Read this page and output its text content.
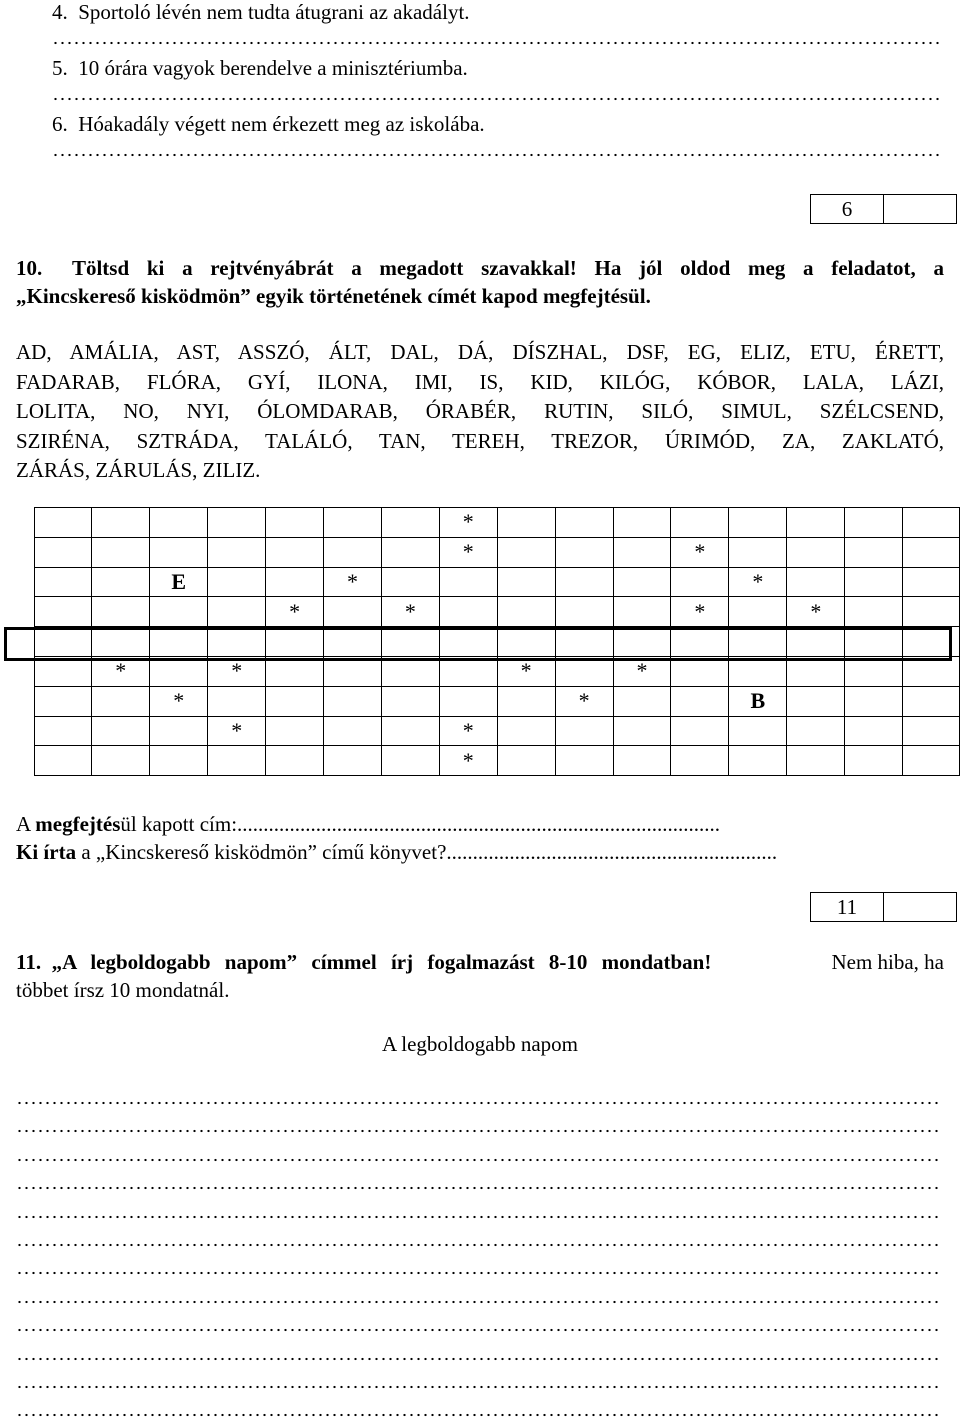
4. Sportoló lévén nem tudta átugrani az akadályt.
5. 10 órára vagyok berendelve a minisztériumba.
6. Hóakadály végett nem érkezett meg az iskolába.
6
10. Töltsd ki a rejtvényábrát a megadott szavakkal! Ha jól oldod meg a feladatot, a
„Kincskereső kisködmön” egyik történetének címét kapod megfejtésül.
AD, AMÁLIA, AST, ASSZÓ, ÁLT, DAL, DÁ, DÍSZHAL, DSF, EG, ELIZ, ETU, ÉRETT,
FADARAB, FLÓRA, GYÍ, ILONA, IMI, IS, KID, KILÓG, KÓBOR, LALA, LÁZI,
LOLITA, NO, NYI, ÓLOMDARAB, ÓRABÉR, RUTIN, SILÓ, SIMUL, SZÉLCSEND,
SZIRÉNA, SZTRÁDA, TALÁLÓ, TAN, TEREH, TREZOR, ÚRIMÓD, ZA, ZAKLATÓ,
ZÁRÁS, ZÁRULÁS, ZILIZ.
							*								
							*				*				
		E			*							*			
				*		*					*		*		

	*		*					*		*					
		*							*			B			
			*				*								
							*								
A megfejtésül kapott cím:............................................................................................
Ki írta a „Kincskereső kisködmön” című könyvet?...............................................................
11
11. „A legboldogabb napom” címmel írj fogalmazást 8-10 mondatban!	Nem hiba, ha
többet írsz 10 mondatnál.
A legboldogabb napom
